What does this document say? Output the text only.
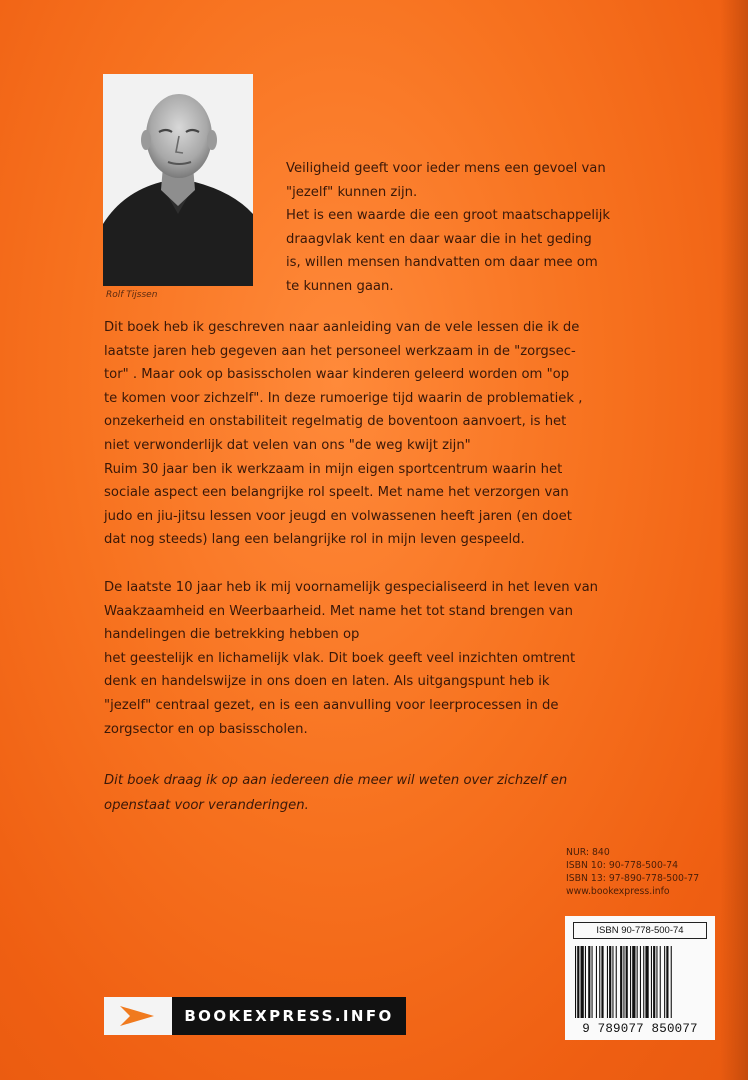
Rolf Tijssen

Veiligheid geeft voor ieder mens een gevoel van

"jezelf" kunnen zijn.

Het is een waarde die een groot maatschappelijk

draagvlak kent en daar waar die in het geding

is, willen mensen handvatten om daar mee om

te kunnen gaan.

Dit boek heb ik geschreven naar aanleiding van de vele lessen die ik de

laatste jaren heb gegeven aan het personeel werkzaam in de "zorgsec-

tor" . Maar ook op basisscholen waar kinderen geleerd worden om "op

te komen voor zichzelf". In deze rumoerige tijd waarin de problematiek ,

onzekerheid en onstabiliteit regelmatig de boventoon aanvoert, is het

niet verwonderlijk dat velen van ons "de weg kwijt zijn"

Ruim 30 jaar ben ik werkzaam in mijn eigen sportcentrum waarin het

sociale aspect een belangrijke rol speelt. Met name het verzorgen van

judo en jiu-jitsu lessen voor jeugd en volwassenen heeft jaren (en doet

dat nog steeds) lang een belangrijke rol in mijn leven gespeeld.

De laatste 10 jaar heb ik mij voornamelijk gespecialiseerd in het leven van

Waakzaamheid en Weerbaarheid. Met name het tot stand brengen van

handelingen die betrekking hebben op

het geestelijk en lichamelijk vlak. Dit boek geeft veel inzichten omtrent

denk en handelswijze in ons doen en laten. Als uitgangspunt heb ik

"jezelf" centraal gezet, en is een aanvulling voor leerprocessen in de

zorgsector en op basisscholen.

Dit boek draag ik op aan iedereen die meer wil weten over zichzelf en
openstaat voor veranderingen.
NUR: 840
ISBN 10: 90-778-500-74
ISBN 13: 97-890-778-500-77
www.bookexpress.info
ISBN 90-778-500-74
9 789077 850077
BOOKEXPRESS.INFO
